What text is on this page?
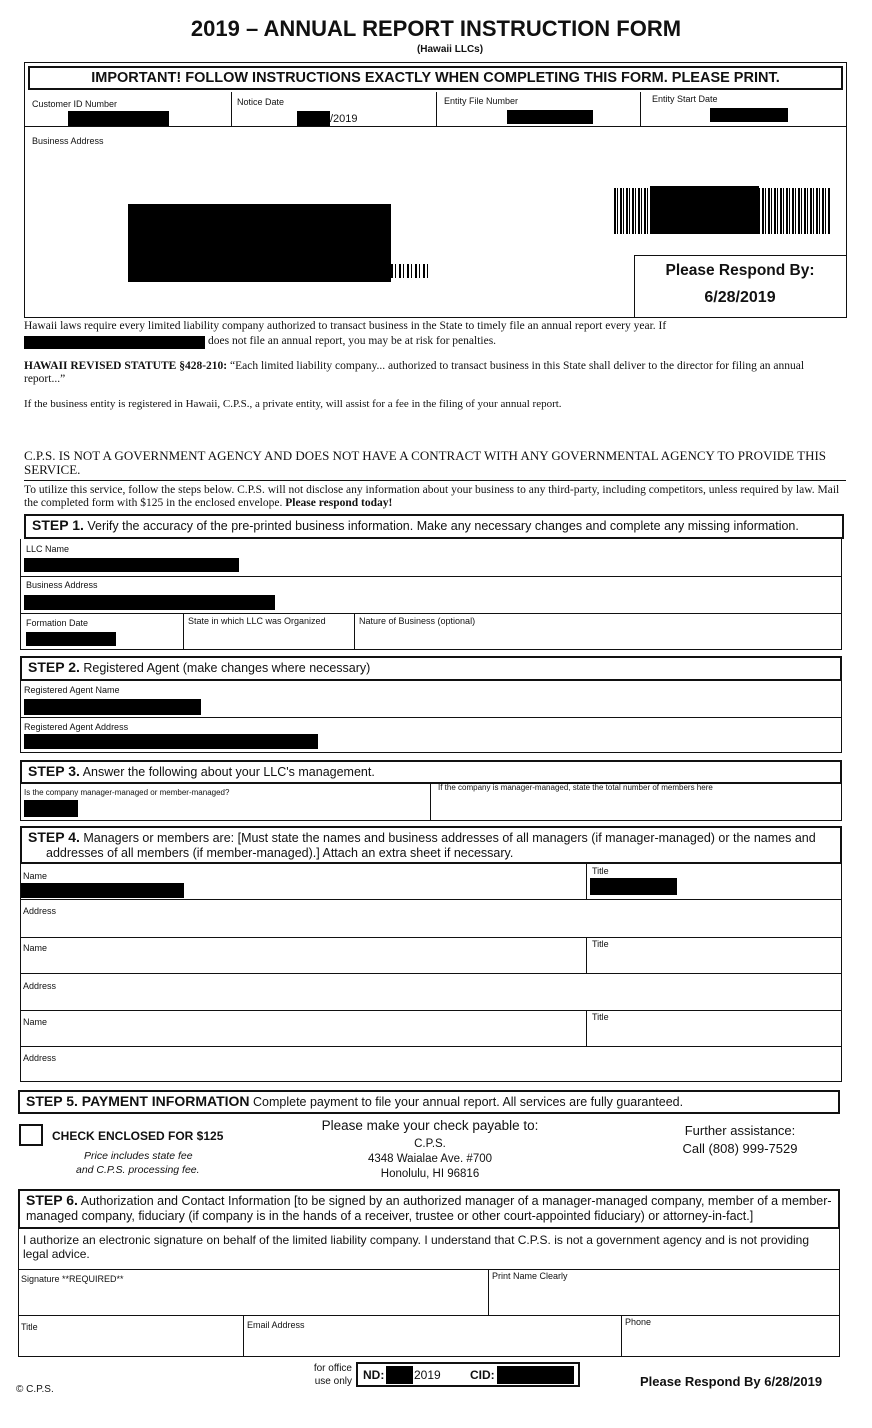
2019 – ANNUAL REPORT INSTRUCTION FORM
(Hawaii LLCs)
IMPORTANT! FOLLOW INSTRUCTIONS EXACTLY WHEN COMPLETING THIS FORM. PLEASE PRINT.
Customer ID Number	Notice Date
/2019
Entity File Number	Entity Start Date
Business Address
Please Respond By:
6/28/2019
Hawaii laws require every limited liability company authorized to transact business in the State to timely file an annual report every year. If
does not file an annual report, you may be at risk for penalties.
HAWAII REVISED STATUTE §428-210: “Each limited liability company... authorized to transact business in this State shall deliver to the director for filing an annual report...”
If the business entity is registered in Hawaii, C.P.S., a private entity, will assist for a fee in the filing of your annual report.
C.P.S. IS NOT A GOVERNMENT AGENCY AND DOES NOT HAVE A CONTRACT WITH ANY GOVERNMENTAL AGENCY TO PROVIDE THIS SERVICE.
To utilize this service, follow the steps below. C.P.S. will not disclose any information about your business to any third-party, including competitors, unless required by law. Mail the completed form with $125 in the enclosed envelope. Please respond today!
STEP 1. Verify the accuracy of the pre-printed business information. Make any necessary changes and complete any missing information.
LLC Name
Business Address
Formation Date	State in which LLC was Organized	Nature of Business (optional)
STEP 2. Registered Agent (make changes where necessary)
Registered Agent Name
Registered Agent Address
STEP 3. Answer the following about your LLC's management.
Is the company manager-managed or member-managed?
If the company is manager-managed, state the total number of members here
STEP 4. Managers or members are: [Must state the names and business addresses of all managers (if manager-managed) or the names and addresses of all members (if member-managed).] Attach an extra sheet if necessary.
Name	Title
Address
Name	Title
Address
Name	Title
Address
STEP 5. PAYMENT INFORMATION Complete payment to file your annual report. All services are fully guaranteed.
CHECK ENCLOSED FOR $125
Price includes state fee
and C.P.S. processing fee.
Please make your check payable to:
C.P.S.
4348 Waialae Ave. #700
Honolulu, HI 96816
Further assistance:
Call (808) 999-7529
STEP 6. Authorization and Contact Information [to be signed by an authorized manager of a manager-managed company, member of a member-managed company, fiduciary (if company is in the hands of a receiver, trustee or other court-appointed fiduciary) or attorney-in-fact.]
I authorize an electronic signature on behalf of the limited liability company. I understand that C.P.S. is not a government agency and is not providing legal advice.
Signature **REQUIRED**	Print Name Clearly
Title	Email Address	Phone
© C.P.S.
for office
use only ND: 2019 CID:	Please Respond By 6/28/2019
